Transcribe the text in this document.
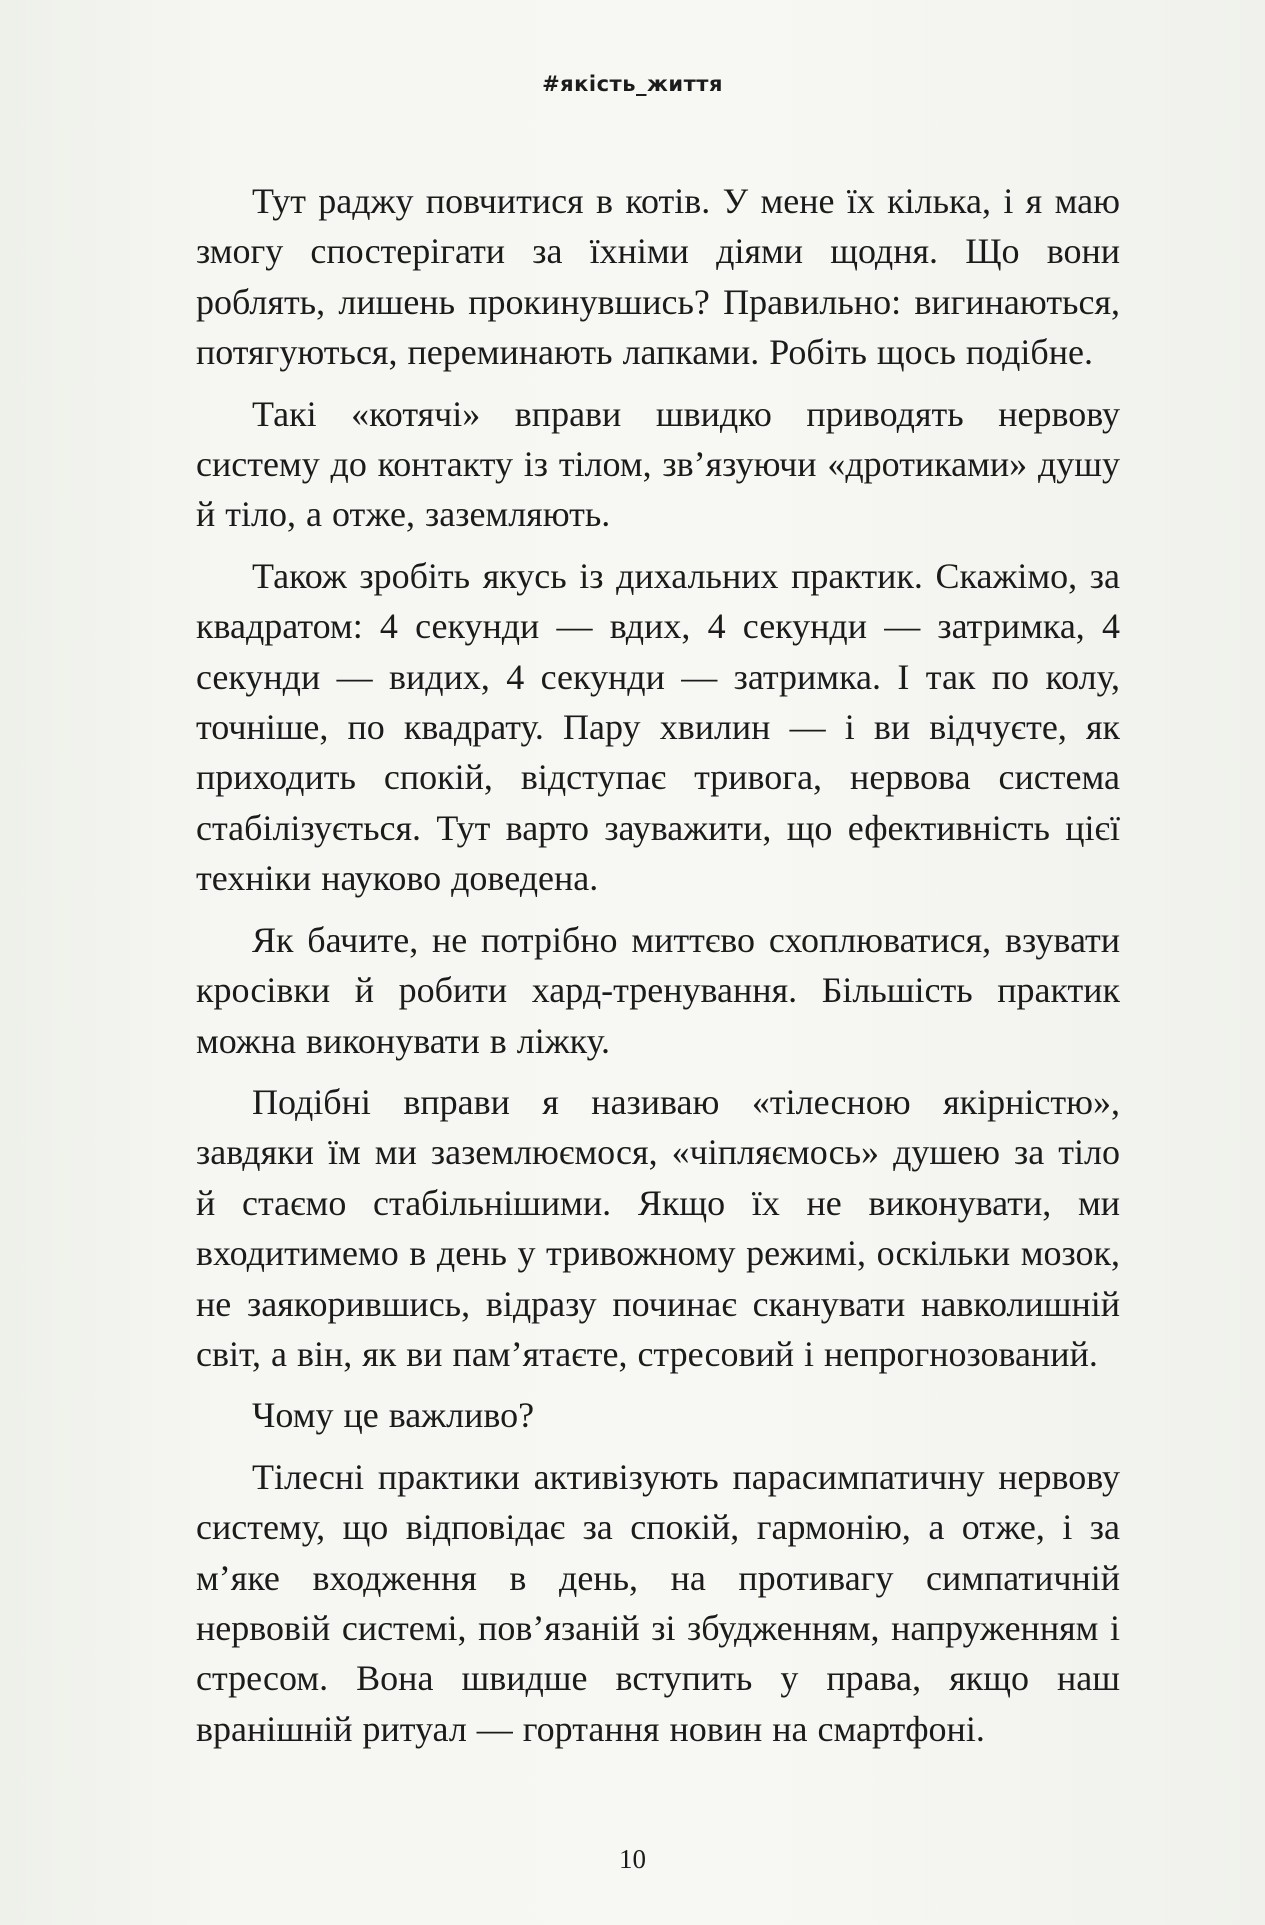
#якість_життя

Тут раджу повчитися в котів. У мене їх кілька, і я маю змогу спостерігати за їхніми діями щодня. Що вони роблять, лишень прокинувшись? Правильно: вигинаються, потягуються, перeминають лапками. Робіть щось подібне.

Такі «котячі» вправи швидко приводять нервову систему до контакту із тілом, зв’язуючи «дротиками» душу й тіло, а отже, заземляють.

Також зробіть якусь із дихальних практик. Скажімо, за квадратом: 4 секунди — вдих, 4 секунди — затримка, 4 секунди — видих, 4 секунди — затримка. І так по колу, точніше, по квадрату. Пару хвилин — і ви відчуєте, як приходить спокій, відступає тривога, нервова система стабілізується. Тут варто зауважити, що ефективність цієї техніки науково доведена.

Як бачите, не потрібно миттєво схоплюватися, взувати кросівки й робити хард-тренування. Більшість практик можна виконувати в ліжку.

Подібні вправи я називаю «тілесною якірністю», завдяки їм ми заземлюємося, «чіпляємось» душею за тіло й стаємо стабільнішими. Якщо їх не виконувати, ми входитимемо в день у тривожному режимі, оскільки мозок, не заякорившись, відразу починає сканувати навколишній світ, а він, як ви пам’ятаєте, стресовий і непрогнозований.

Чому це важливо?

Тілесні практики активізують парасимпатичну нервову систему, що відповідає за спокій, гармонію, а отже, і за м’яке входження в день, на противагу симпатичній нервовій системі, пов’язаній зі збудженням, напруженням і стресом. Вона швидше вступить у права, якщо наш вранішній ритуал — гортання новин на смартфоні.

10
